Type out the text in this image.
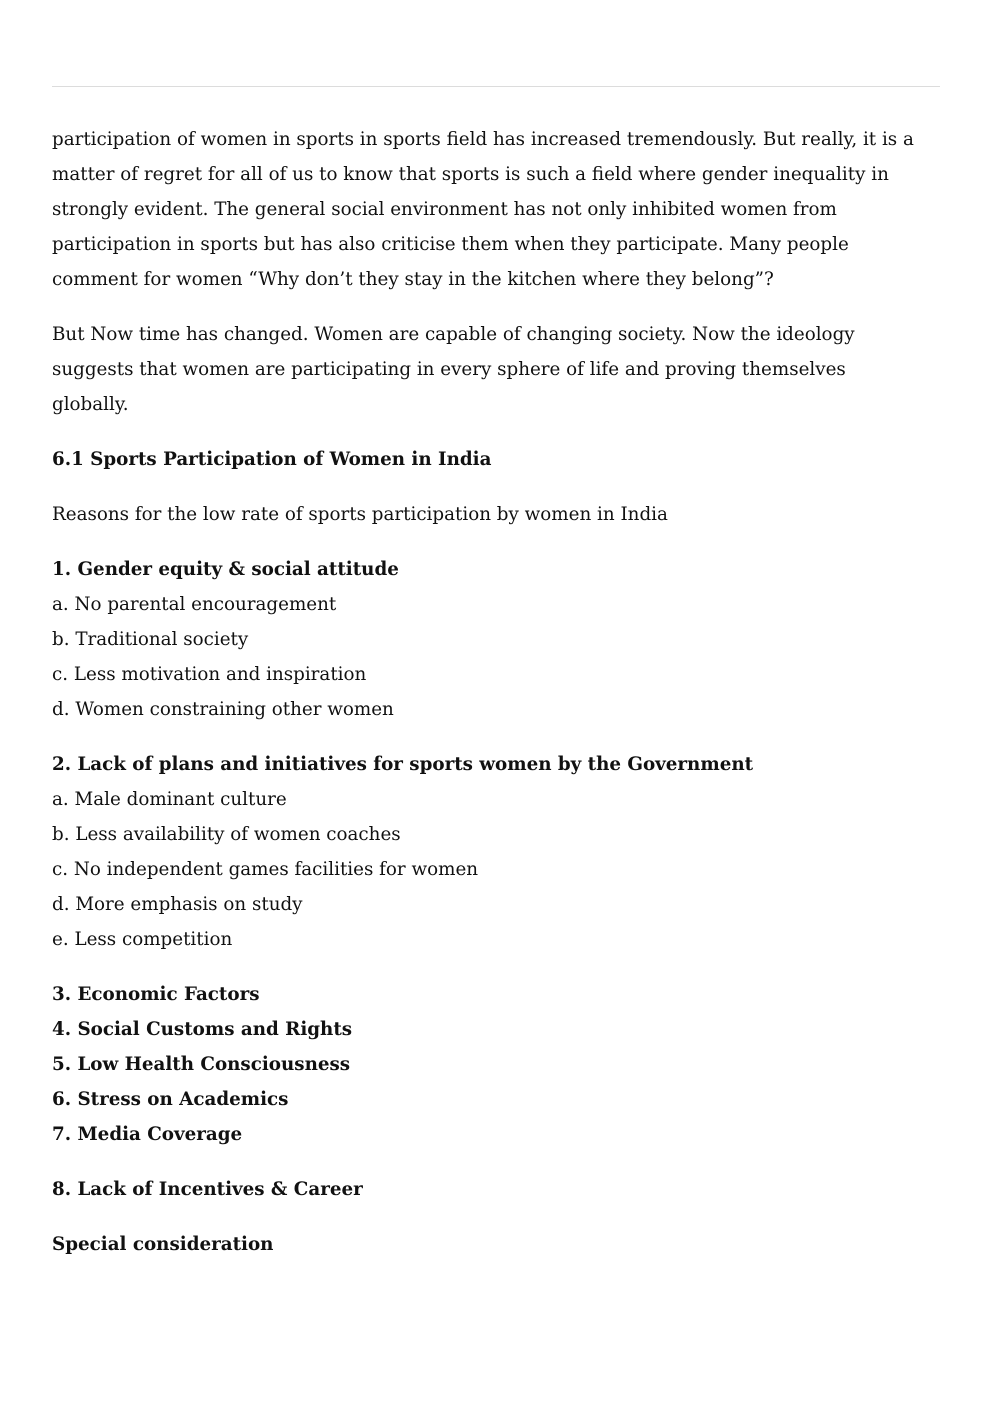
participation of women in sports in sports field has increased tremendously. But really, it is a
matter of regret for all of us to know that sports is such a field where gender inequality in
strongly evident. The general social environment has not only inhibited women from
participation in sports but has also criticise them when they participate. Many people
comment for women “Why don’t they stay in the kitchen where they belong”?

But Now time has changed. Women are capable of changing society. Now the ideology
suggests that women are participating in every sphere of life and proving themselves
globally.

6.1 Sports Participation of Women in India

Reasons for the low rate of sports participation by women in India

1. Gender equity & social attitude

a. No parental encouragement

b. Traditional society

c. Less motivation and inspiration

d. Women constraining other women

2. Lack of plans and initiatives for sports women by the Government

a. Male dominant culture

b. Less availability of women coaches

c. No independent games facilities for women

d. More emphasis on study

e. Less competition

3. Economic Factors

4. Social Customs and Rights

5. Low Health Consciousness

6. Stress on Academics

7. Media Coverage

8. Lack of Incentives & Career

Special consideration
